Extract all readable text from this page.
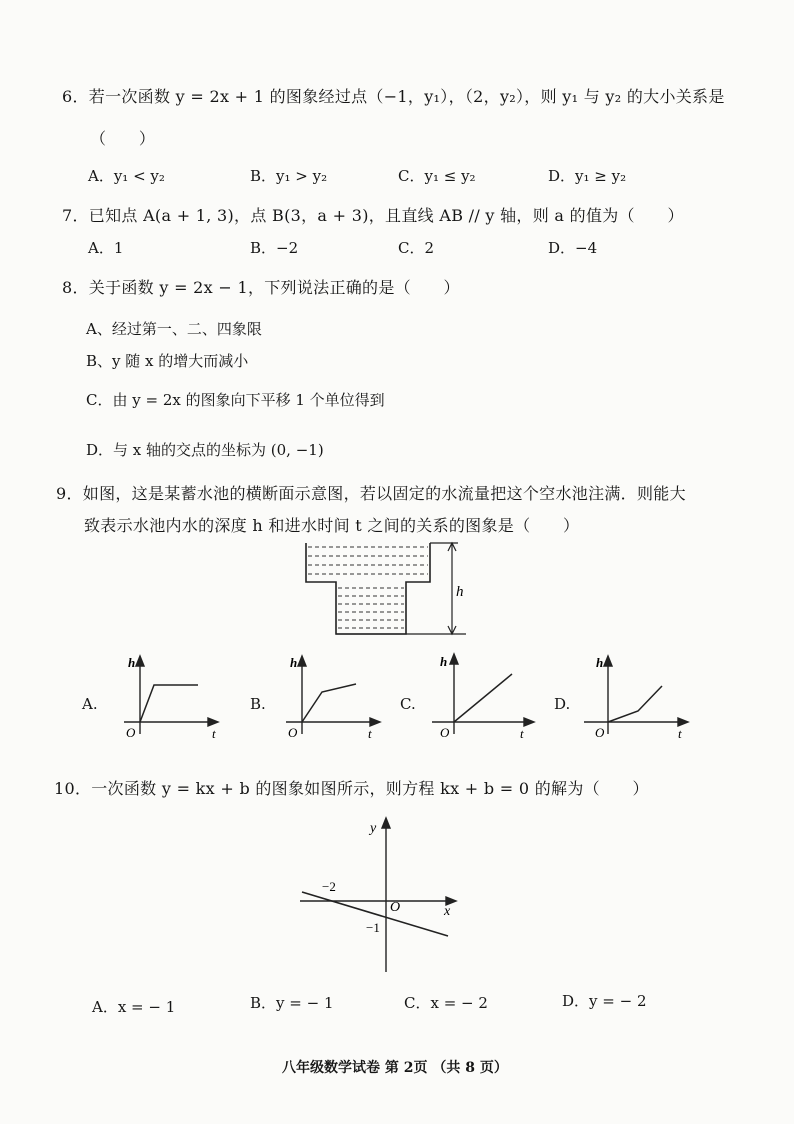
6．若一次函数 y = 2x + 1 的图象经过点（−1，y₁），（2，y₂），则 y₁ 与 y₂ 的大小关系是
（　　）
A．y₁ < y₂	B．y₁ > y₂	C．y₁ ≤ y₂	D．y₁ ≥ y₂
7．已知点 A(a + 1, 3)，点 B(3，a + 3)，且直线 AB // y 轴，则 a 的值为（　　）
A．1	B．−2	C．2	D．−4
8．关于函数 y = 2x − 1，下列说法正确的是（　　）
A、经过第一、二、四象限
B、y 随 x 的增大而减小
C．由 y = 2x 的图象向下平移 1 个单位得到
D．与 x 轴的交点的坐标为 (0, −1)
9．如图，这是某蓄水池的横断面示意图，若以固定的水流量把这个空水池注满．则能大
致表示水池内水的深度 h 和进水时间 t 之间的关系的图象是（　　）
h
A.
h
O	t
B.
h
O	t
C.
h
O	t
D.
h
O	t
10．一次函数 y = kx + b 的图象如图所示，则方程 kx + b = 0 的解为（　　）
y
x
O
−2
−1
A．x = − 1	B．y = − 1	C．x = − 2	D．y = − 2
八年级数学试卷 第 2页 （共 8 页）
